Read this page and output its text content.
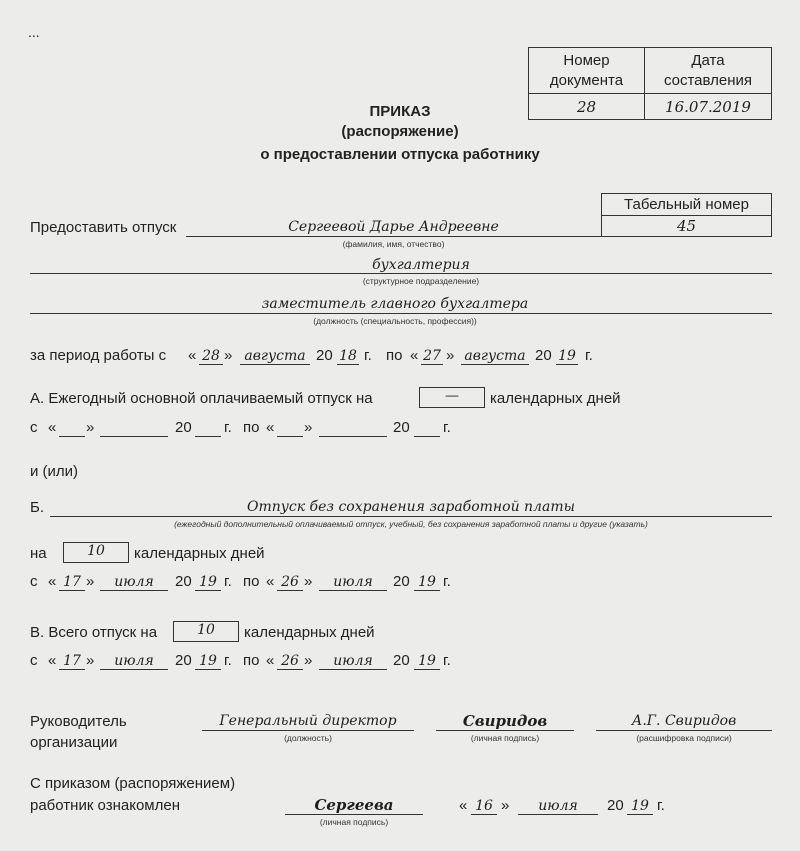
...
Номер
документа	Дата
составления
28	16.07.2019
ПРИКАЗ
(распоряжение)
о предоставлении отпуска работнику
Табельный номер
45
Предоставить отпуск	Сергеевой Дарье Андреевне
(фамилия, имя, отчество)
бухгалтерия
(структурное подразделение)
заместитель главного бухгалтера
(должность (специальность, профессия))
за период работы с « 28 » августа 20 18 г. по « 27 » августа 20 19 г.
А. Ежегодный основной оплачиваемый отпуск на	—	календарных дней
с « »	20 г. по « »	20 г.
и (или)
Б.	Отпуск без сохранения заработной платы
(ежегодный дополнительный оплачиваемый отпуск, учебный, без сохранения заработной платы и другие (указать)
на	10	календарных дней
с « 17 »	июля	20 19 г. по « 26 »	июля	20 19 г.
В. Всего отпуск на	10	календарных дней
с « 17 »	июля	20 19 г. по « 26 »	июля	20 19 г.
Руководитель
организации
Генеральный директор
(должность)
Свиридов
(личная подпись)
А.Г. Свиридов
(расшифровка подписи)
С приказом (распоряжением)
работник ознакомлен	Сергеева
(личная подпись)
« 16 »	июля	20 19 г.
